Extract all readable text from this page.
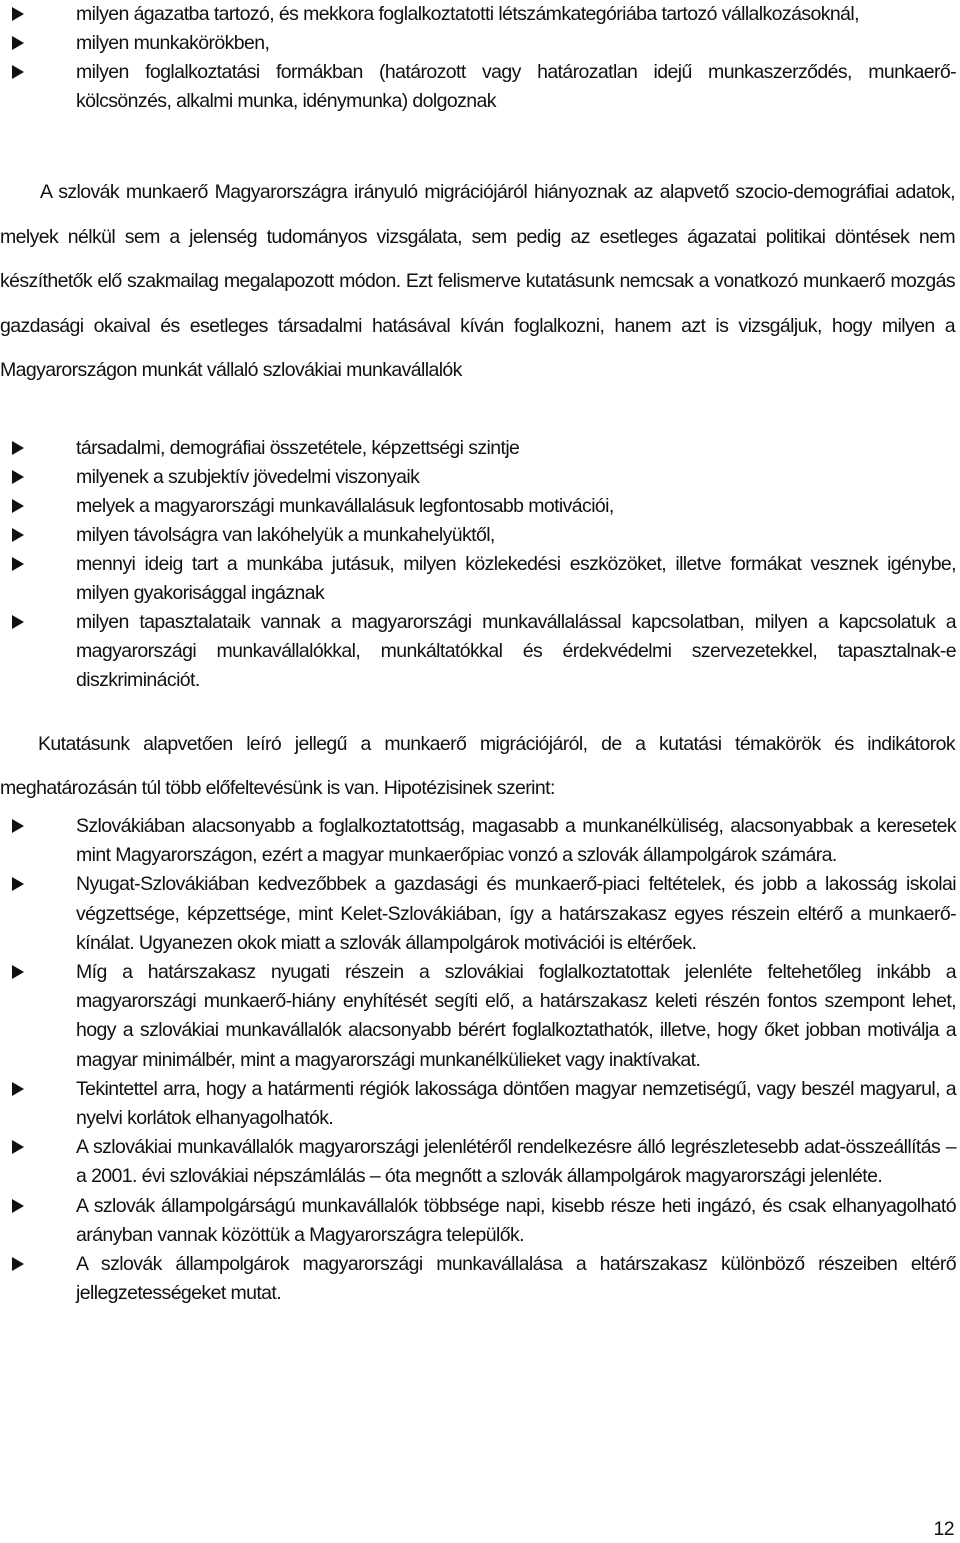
milyen ágazatba tartozó, és mekkora foglalkoztatotti létszámkategóriába tartozó vállalkozásoknál,
milyen munkakörökben,
milyen foglalkoztatási formákban (határozott vagy határozatlan idejű munkaszerződés, munkaerő-kölcsönzés, alkalmi munka, idénymunka) dolgoznak

A szlovák munkaerő Magyarországra irányuló migrációjáról hiányoznak az alapvető szocio-demográfiai adatok, melyek nélkül sem a jelenség tudományos vizsgálata, sem pedig az esetleges ágazatai politikai döntések nem készíthetők elő szakmailag megalapozott módon. Ezt felismerve kutatásunk nemcsak a vonatkozó munkaerő mozgás gazdasági okaival és esetleges társadalmi hatásával kíván foglalkozni, hanem azt is vizsgáljuk, hogy milyen a Magyarországon munkát vállaló szlovákiai munkavállalók

társadalmi, demográfiai összetétele, képzettségi szintje
milyenek a szubjektív jövedelmi viszonyaik
melyek a magyarországi munkavállalásuk legfontosabb motivációi,
milyen távolságra van lakóhelyük a munkahelyüktől,
mennyi ideig tart a munkába jutásuk, milyen közlekedési eszközöket, illetve formákat vesznek igénybe, milyen gyakorisággal ingáznak
milyen tapasztalataik vannak a magyarországi munkavállalással kapcsolatban, milyen a kapcsolatuk a magyarországi munkavállalókkal, munkáltatókkal és érdekvédelmi szervezetekkel, tapasztalnak-e diszkriminációt.

Kutatásunk alapvetően leíró jellegű a munkaerő migrációjáról, de a kutatási témakörök és indikátorok meghatározásán túl több előfeltevésünk is van. Hipotézisinek szerint:

Szlovákiában alacsonyabb a foglalkoztatottság, magasabb a munkanélküliség, alacsonyabbak a keresetek mint Magyarországon, ezért a magyar munkaerőpiac vonzó a szlovák állampolgárok számára.
Nyugat-Szlovákiában kedvezőbbek a gazdasági és munkaerő-piaci feltételek, és jobb a lakosság iskolai végzettsége, képzettsége, mint Kelet-Szlovákiában, így a határszakasz egyes részein eltérő a munkaerő-kínálat. Ugyanezen okok miatt a szlovák állampolgárok motivációi is eltérőek.
Míg a határszakasz nyugati részein a szlovákiai foglalkoztatottak jelenléte feltehetőleg inkább a magyarországi munkaerő-hiány enyhítését segíti elő, a határszakasz keleti részén fontos szempont lehet, hogy a szlovákiai munkavállalók alacsonyabb bérért foglalkoztathatók, illetve, hogy őket jobban motiválja a magyar minimálbér, mint a magyarországi munkanélkülieket vagy inaktívakat.
Tekintettel arra, hogy a határmenti régiók lakossága döntően magyar nemzetiségű, vagy beszél magyarul, a nyelvi korlátok elhanyagolhatók.
A szlovákiai munkavállalók magyarországi jelenlétéről rendelkezésre álló legrészletesebb adat-összeállítás – a 2001. évi szlovákiai népszámlálás – óta megnőtt a szlovák állampolgárok magyarországi jelenléte.
A szlovák állampolgárságú munkavállalók többsége napi, kisebb része heti ingázó, és csak elhanyagolható arányban vannak közöttük a Magyarországra települők.
A szlovák állampolgárok magyarországi munkavállalása a határszakasz különböző részeiben eltérő jellegzetességeket mutat.
12
